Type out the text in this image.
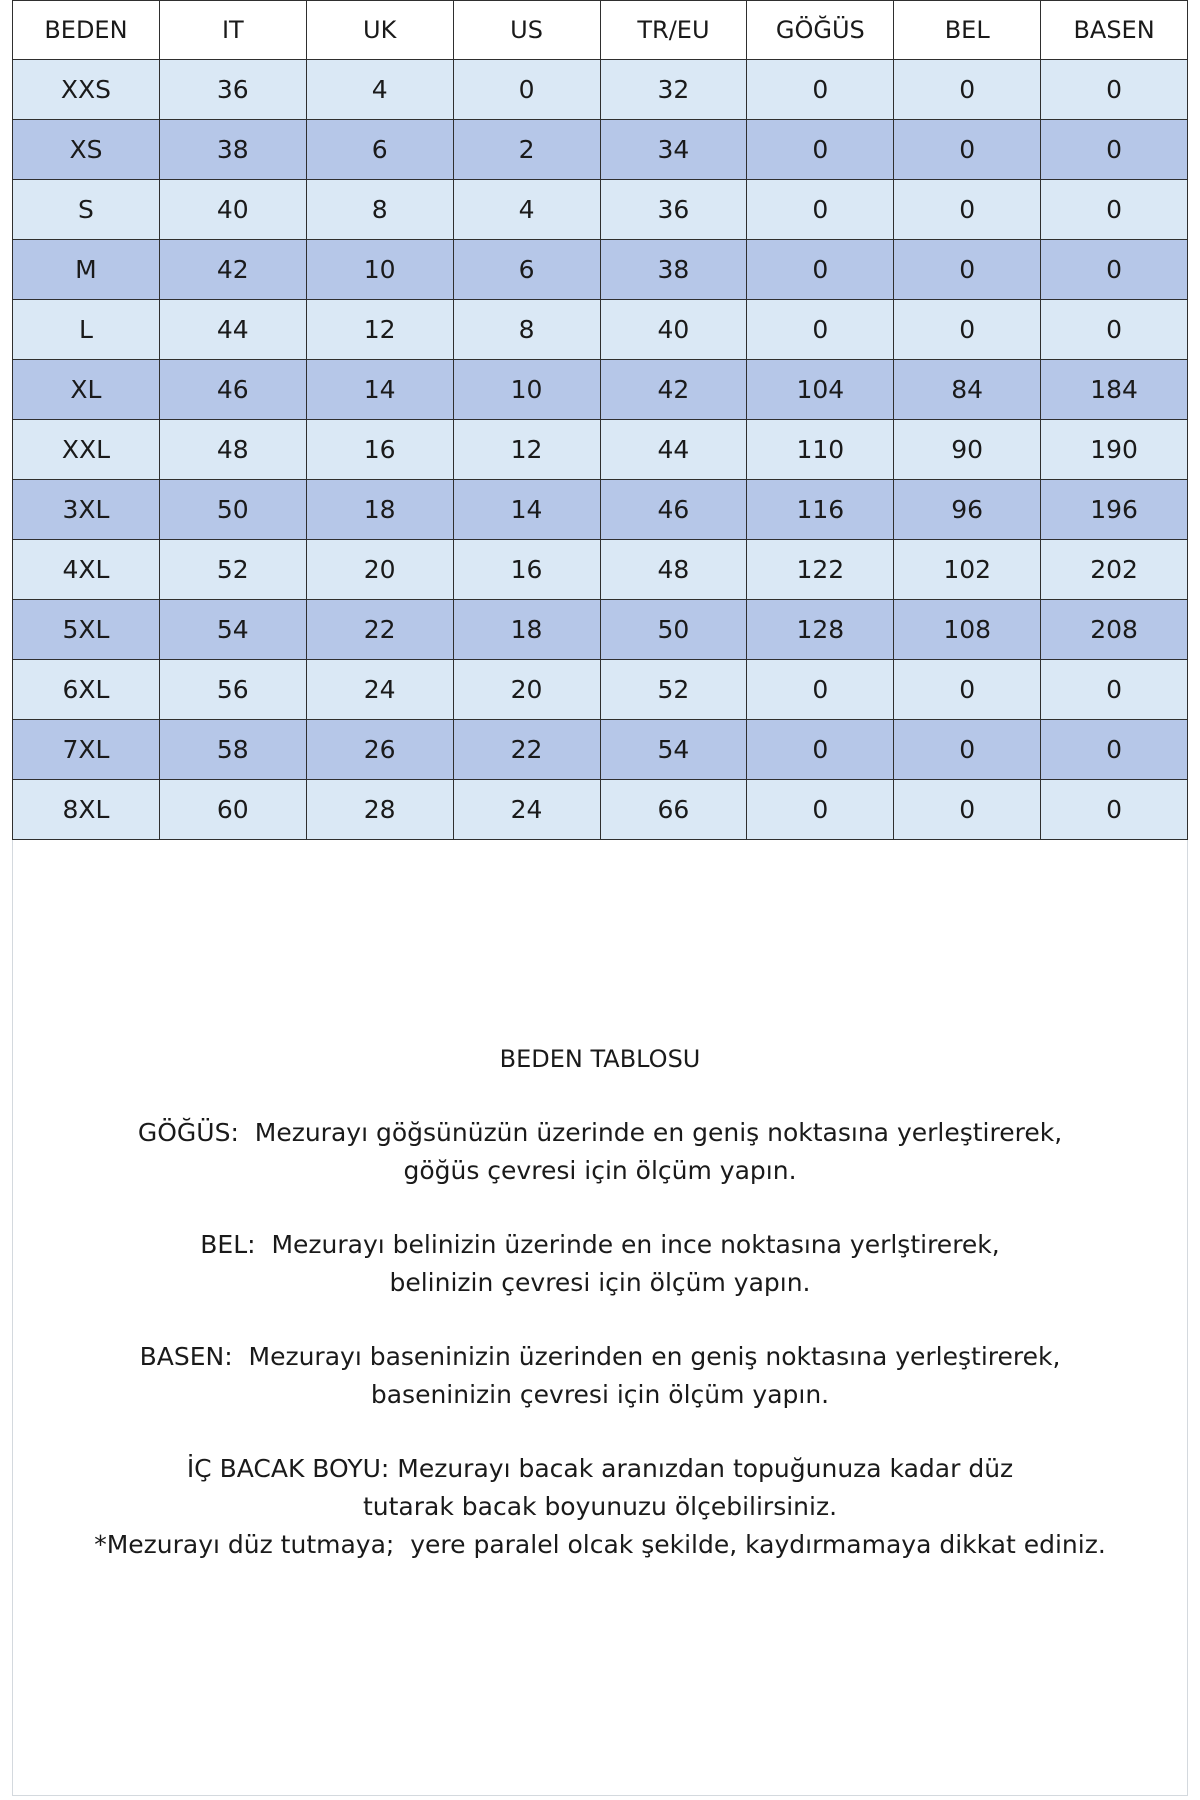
BEDEN	IT	UK	US	TR/EU	GÖĞÜS	BEL	BASEN
XXS	36	4	0	32	0	0	0
XS	38	6	2	34	0	0	0
S	40	8	4	36	0	0	0
M	42	10	6	38	0	0	0
L	44	12	8	40	0	0	0
XL	46	14	10	42	104	84	184
XXL	48	16	12	44	110	90	190
3XL	50	18	14	46	116	96	196
4XL	52	20	16	48	122	102	202
5XL	54	22	18	50	128	108	208
6XL	56	24	20	52	0	0	0
7XL	58	26	22	54	0	0	0
8XL	60	28	24	66	0	0	0
BEDEN TABLOSU
GÖĞÜS:  Mezurayı göğsünüzün üzerinde en geniş noktasına yerleştirerek,
göğüs çevresi için ölçüm yapın.
BEL:  Mezurayı belinizin üzerinde en ince noktasına yerlştirerek,
belinizin çevresi için ölçüm yapın.
BASEN:  Mezurayı baseninizin üzerinden en geniş noktasına yerleştirerek,
baseninizin çevresi için ölçüm yapın.
İÇ BACAK BOYU: Mezurayı bacak aranızdan topuğunuza kadar düz
tutarak bacak boyunuzu ölçebilirsiniz.
*Mezurayı düz tutmaya;  yere paralel olcak şekilde, kaydırmamaya dikkat ediniz.
